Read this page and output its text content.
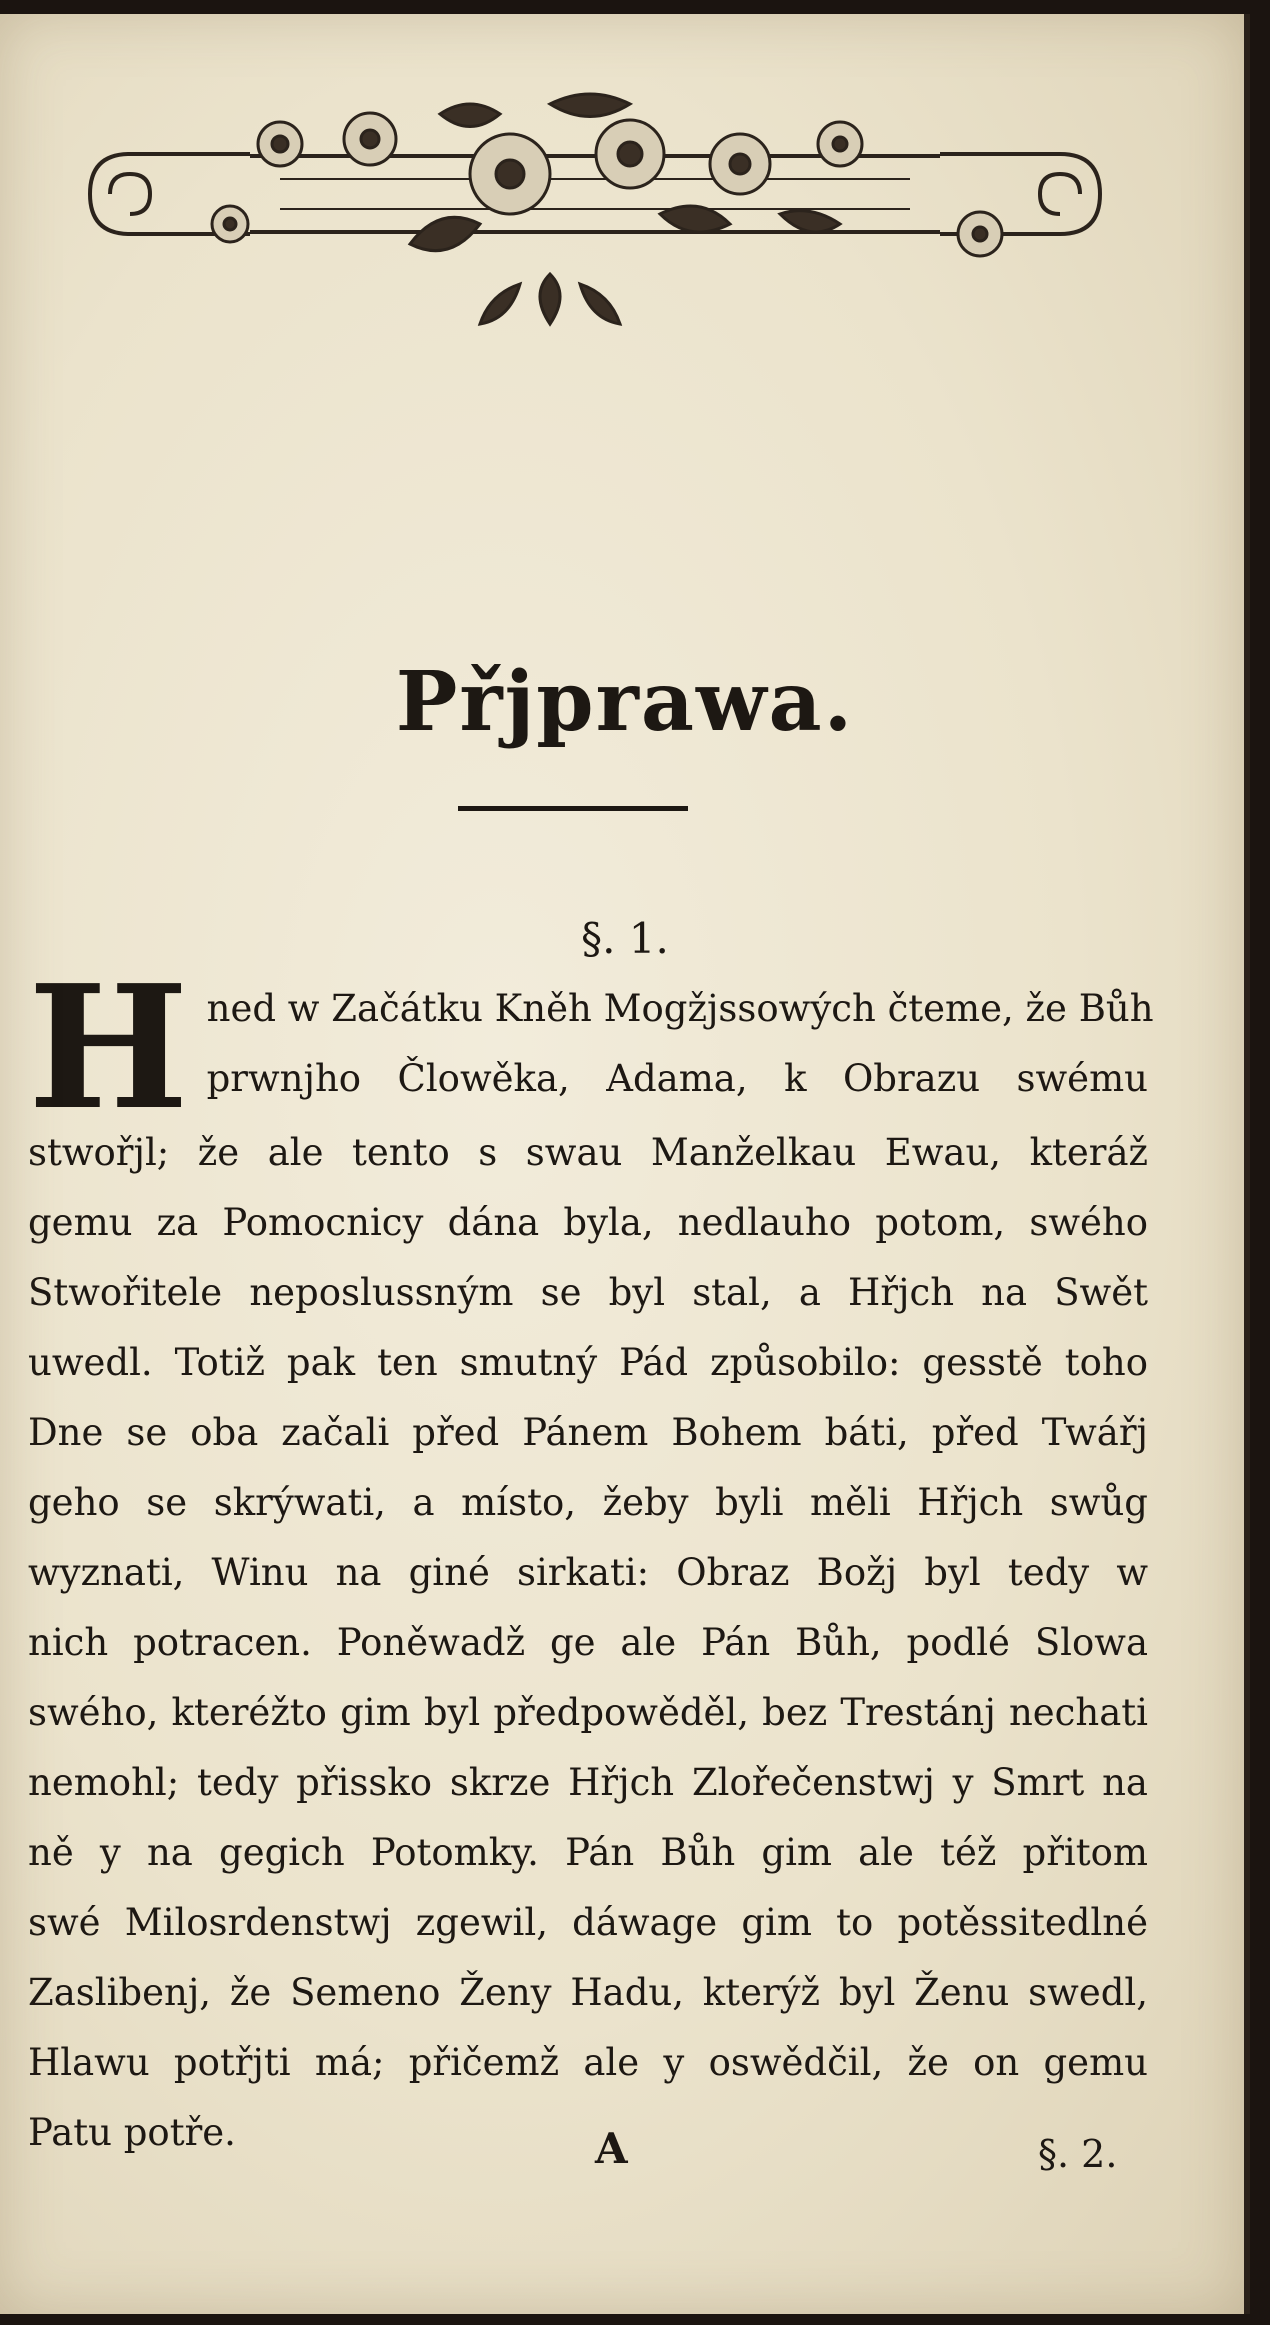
Přjprawa.
§. 1.
H ned w Začátku Kněh Mogžjssowých čteme, že Bůh
prwnjho Člowěka, Adama, k Obrazu swému
stwořjl; že ale tento s swau Manželkau Ewau, kteráž
gemu za Pomocnicy dána byla, nedlauho potom, swého
Stwořitele neposlussným se byl stal, a Hřjch na Swět
uwedl. Totiž pak ten smutný Pád způsobilo: gesstě toho
Dne se oba začali před Pánem Bohem báti, před Twářj
geho se skrýwati, a místo, žeby byli měli Hřjch swůg
wyznati, Winu na giné sirkati: Obraz Božj byl tedy w
nich potracen. Poněwadž ge ale Pán Bůh, podlé Slowa
swého, kteréžto gim byl předpowěděl, bez Trestánj nechati
nemohl; tedy přissko skrze Hřjch Zlořečenstwj y Smrt na
ně y na gegich Potomky. Pán Bůh gim ale též přitom
swé Milosrdenstwj zgewil, dáwage gim to potěssitedlné
Zaslibenj, že Semeno Ženy Hadu, kterýž byl Ženu swedl,
Hlawu potřjti má; přičemž ale y oswědčil, že on gemu
Patu potře.	A	§. 2.
